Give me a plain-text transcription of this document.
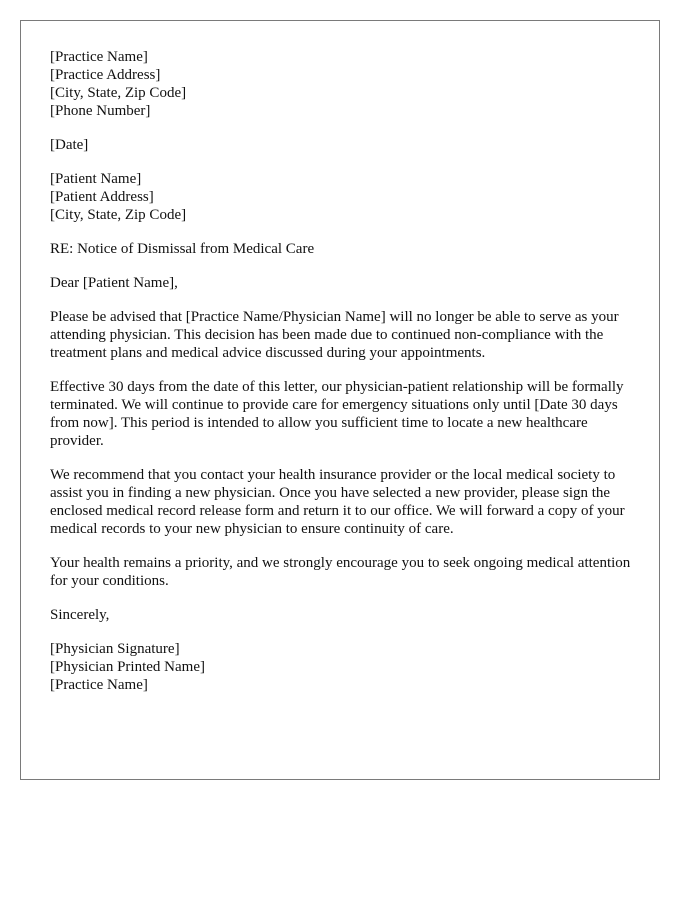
[Practice Name]
[Practice Address]
[City, State, Zip Code]
[Phone Number]
[Date]
[Patient Name]
[Patient Address]
[City, State, Zip Code]
RE: Notice of Dismissal from Medical Care
Dear [Patient Name],

Please be advised that [Practice Name/Physician Name] will no longer be able to serve as your attending physician. This decision has been made due to continued non-compliance with the treatment plans and medical advice discussed during your appointments.

Effective 30 days from the date of this letter, our physician-patient relationship will be formally terminated. We will continue to provide care for emergency situations only until [Date 30 days from now]. This period is intended to allow you sufficient time to locate a new healthcare provider.

We recommend that you contact your health insurance provider or the local medical society to assist you in finding a new physician. Once you have selected a new provider, please sign the enclosed medical record release form and return it to our office. We will forward a copy of your medical records to your new physician to ensure continuity of care.

Your health remains a priority, and we strongly encourage you to seek ongoing medical attention for your conditions.

Sincerely,
[Physician Signature]
[Physician Printed Name]
[Practice Name]
